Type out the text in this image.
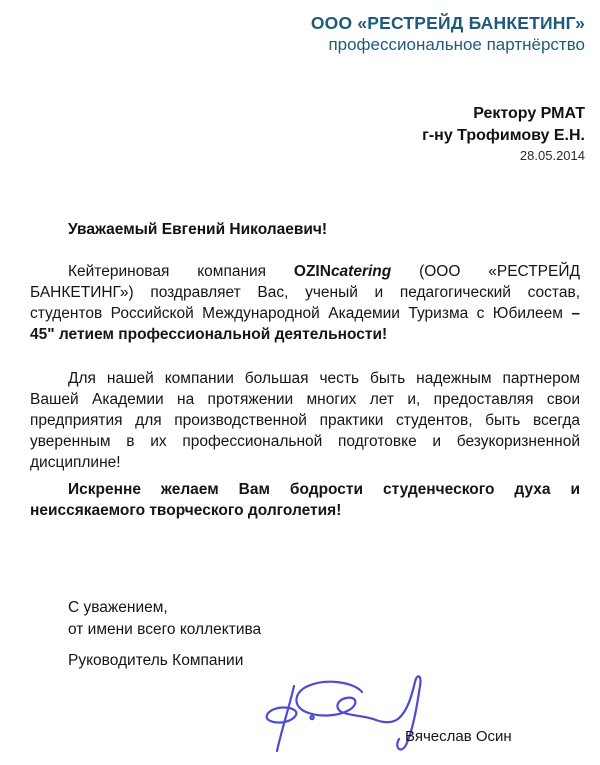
ООО «РЕСТРЕЙД БАНКЕТИНГ»
профессиональное партнёрство
Ректору РМАТ
г-ну Трофимову Е.Н.
28.05.2014
Уважаемый Евгений Николаевич!
Кейтериновая компания OZINcatering (ООО «РЕСТРЕЙД БАНКЕТИНГ») поздравляет Вас, ученый и педагогический состав, студентов Российской Международной Академии Туризма с Юбилеем – 45" летием профессиональной деятельности!
Для нашей компании большая честь быть надежным партнером Вашей Академии на протяжении многих лет и, предоставляя свои предприятия для производственной практики студентов, быть всегда уверенным в их профессиональной подготовке и безукоризненной дисциплине!
Искренне желаем Вам бодрости студенческого духа и неиссякаемого творческого долголетия!
С уважением,
от имени всего коллектива
Руководитель Компании
Вячеслав Осин
